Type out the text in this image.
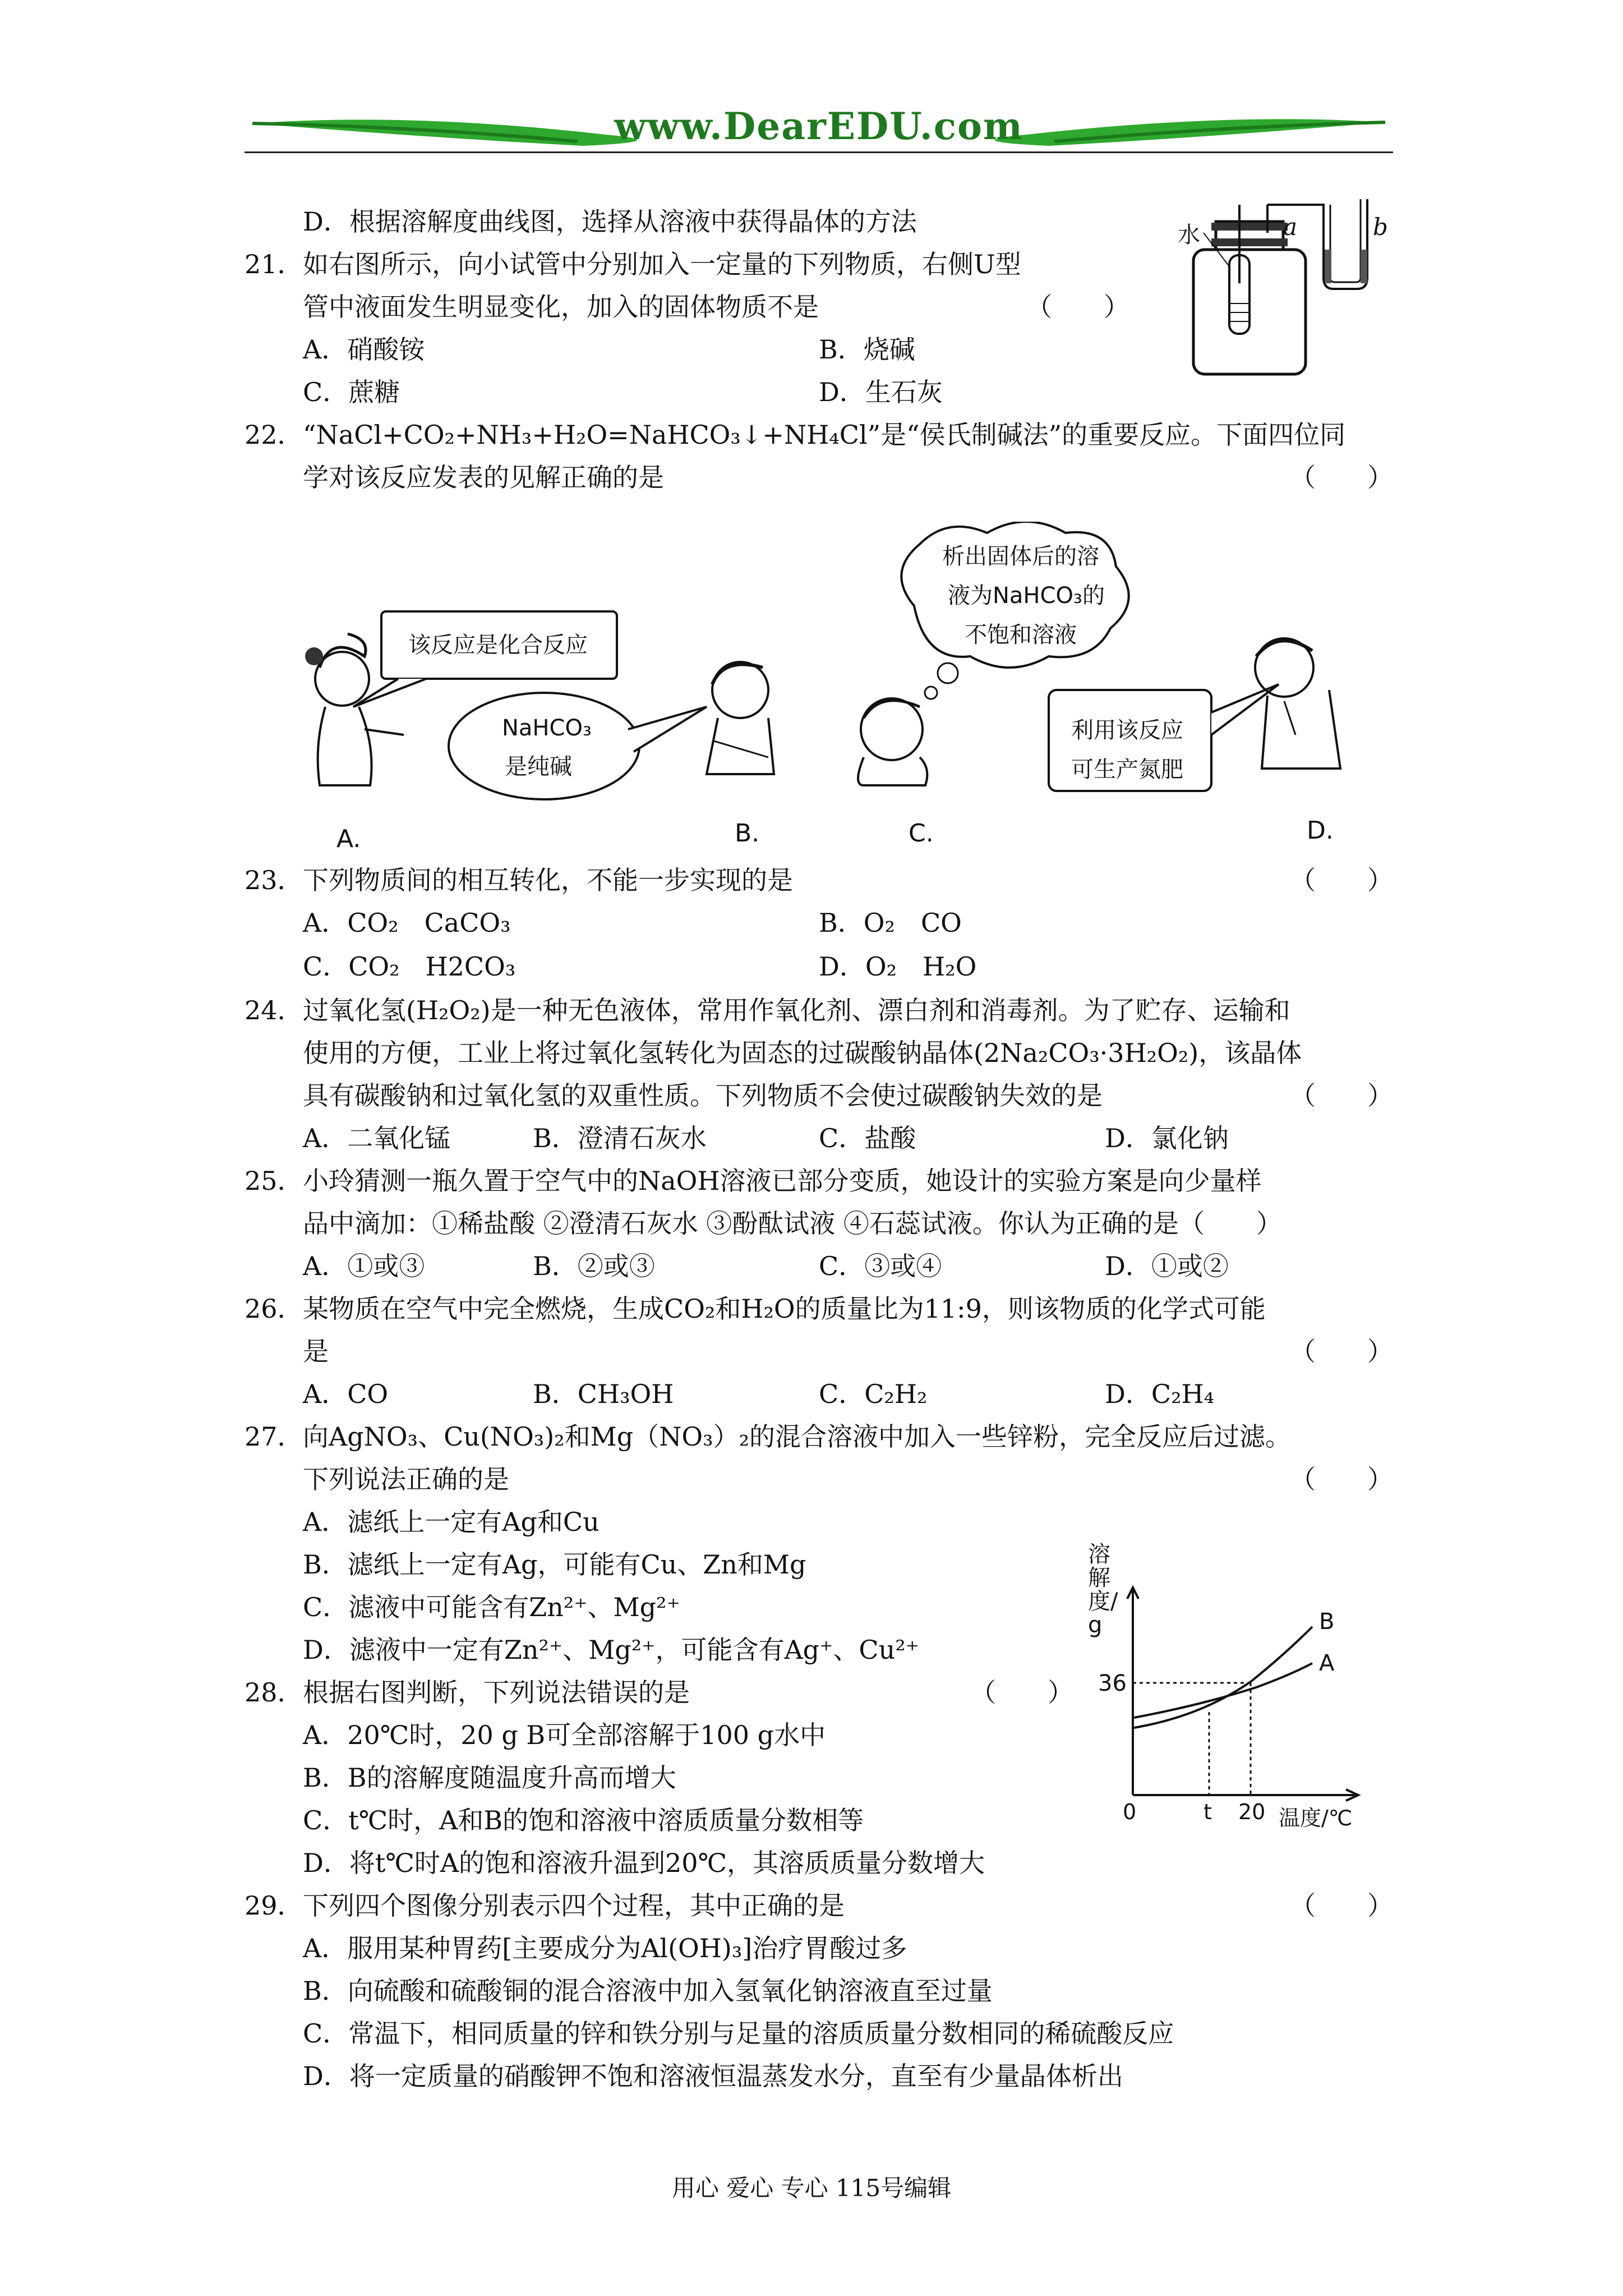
www.DearEDU.com
D．根据溶解度曲线图，选择从溶液中获得晶体的方法
21． 如右图所示，向小试管中分别加入一定量的下列物质，右侧U型
管中液面发生明显变化，加入的固体物质不是	（　　）
A．硝酸铵	B．烧碱
C．蔗糖	D．生石灰
水	a	b
22． “NaCl+CO₂+NH₃+H₂O=NaHCO₃↓+NH₄Cl”是“侯氏制碱法”的重要反应。下面四位同
学对该反应发表的见解正确的是	（　　）
该反应是化合反应
NaHCO₃
是纯碱
析出固体后的溶
液为NaHCO₃的
不饱和溶液
利用该反应
可生产氮肥
A.	B.	C.	D.
23． 下列物质间的相互转化，不能一步实现的是	（　　）
A．CO₂　CaCO₃	B．O₂　CO
C．CO₂　H2CO₃	D．O₂　H₂O
24． 过氧化氢(H₂O₂)是一种无色液体，常用作氧化剂、漂白剂和消毒剂。为了贮存、运输和
使用的方便，工业上将过氧化氢转化为固态的过碳酸钠晶体(2Na₂CO₃·3H₂O₂)，该晶体
具有碳酸钠和过氧化氢的双重性质。下列物质不会使过碳酸钠失效的是	（　　）
A．二氧化锰	B．澄清石灰水	C．盐酸	D．氯化钠
25． 小玲猜测一瓶久置于空气中的NaOH溶液已部分变质，她设计的实验方案是向少量样
品中滴加：①稀盐酸 ②澄清石灰水 ③酚酞试液 ④石蕊试液。你认为正确的是（　　）
A．①或③	B．②或③	C．③或④	D．①或②
26． 某物质在空气中完全燃烧，生成CO₂和H₂O的质量比为11:9，则该物质的化学式可能
是	（　　）
A．CO	B．CH₃OH	C．C₂H₂	D．C₂H₄
27． 向AgNO₃、Cu(NO₃)₂和Mg（NO₃）₂的混合溶液中加入一些锌粉，完全反应后过滤。
下列说法正确的是	（　　）
A．滤纸上一定有Ag和Cu
B．滤纸上一定有Ag，可能有Cu、Zn和Mg
C．滤液中可能含有Zn²⁺、Mg²⁺
D．滤液中一定有Zn²⁺、Mg²⁺，可能含有Ag⁺、Cu²⁺
28． 根据右图判断，下列说法错误的是	（　　）
A．20℃时，20 g B可全部溶解于100 g水中
B．B的溶解度随温度升高而增大
C．t℃时，A和B的饱和溶液中溶质质量分数相等
D．将t℃时A的饱和溶液升温到20℃，其溶质质量分数增大
溶解度/g
36
0	t 20 温度/℃
B
A
29． 下列四个图像分别表示四个过程，其中正确的是	（　　）
A．服用某种胃药[主要成分为Al(OH)₃]治疗胃酸过多
B．向硫酸和硫酸铜的混合溶液中加入氢氧化钠溶液直至过量
C．常温下，相同质量的锌和铁分别与足量的溶质质量分数相同的稀硫酸反应
D．将一定质量的硝酸钾不饱和溶液恒温蒸发水分，直至有少量晶体析出
用心 爱心 专心 115号编辑
